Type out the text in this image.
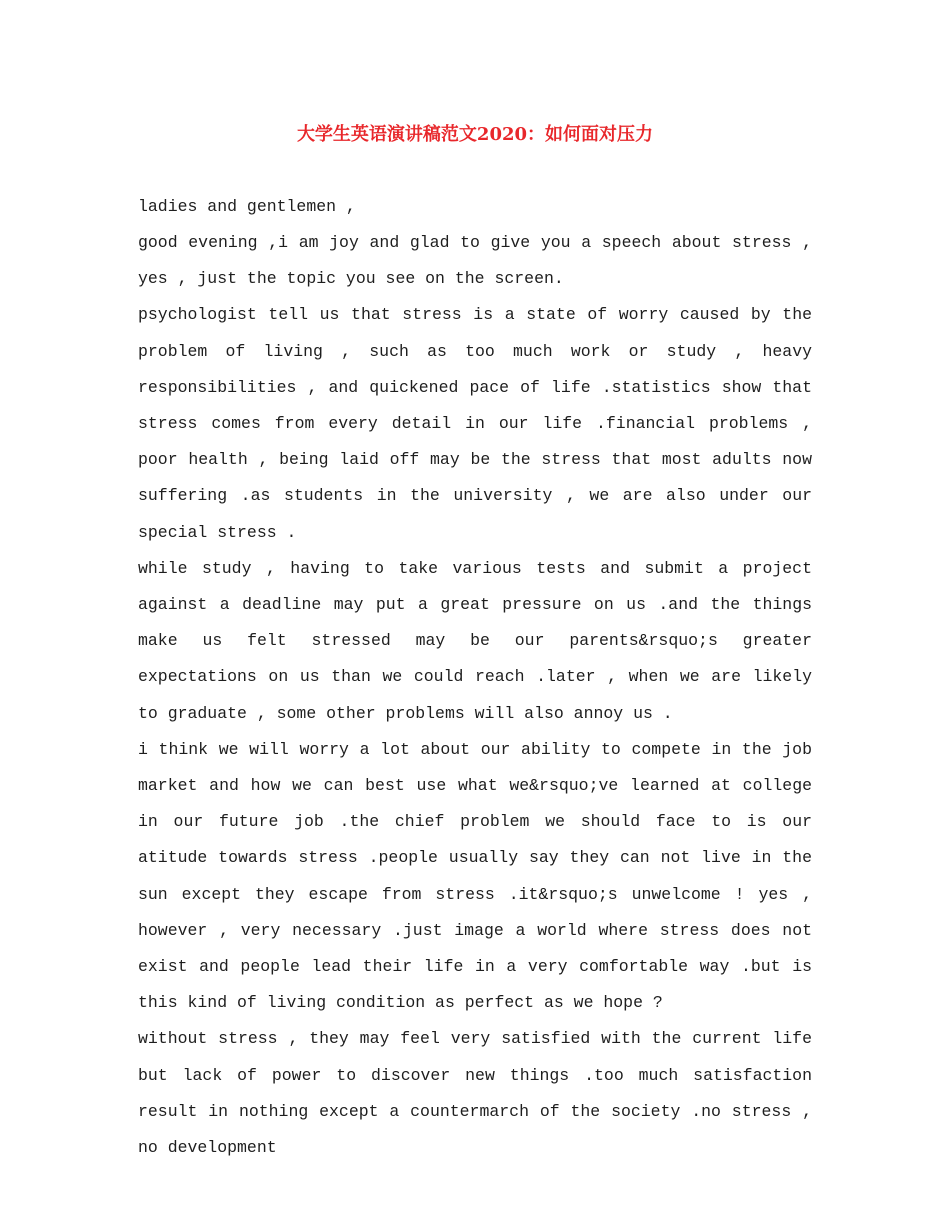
大学生英语演讲稿范文2020：如何面对压力

ladies and gentlemen ,

good evening ,i am joy and glad to give you a speech about stress , yes , just the topic you see on the screen.

psychologist tell us that stress is a state of worry caused by the problem of living , such as too much work or study , heavy responsibilities , and quickened pace of life .statistics show that stress comes from every detail in our life .financial problems , poor health , being laid off may be the stress that most adults now suffering .as students in the university , we are also under our special stress .

while study , having to take various tests and submit a project against a deadline may put a great pressure on us .and the things make us felt stressed may be our parents&rsquo;s greater expectations on us than we could reach .later , when we are likely to graduate , some other problems will also annoy us .

i think we will worry a lot about our ability to compete in the job market and how we can best use what we&rsquo;ve learned at college in our future job .the chief problem we should face to is our atitude towards stress .people usually say they can not live in the sun except they escape from stress .it&rsquo;s unwelcome ! yes , however , very necessary .just image a world where stress does not exist and people lead their life in a very comfortable way .but is this kind of living condition as perfect as we hope ?

without stress , they may feel very satisfied with the current life but lack of power to discover new things .too much satisfaction result in nothing except a countermarch of the society .no stress , no development
